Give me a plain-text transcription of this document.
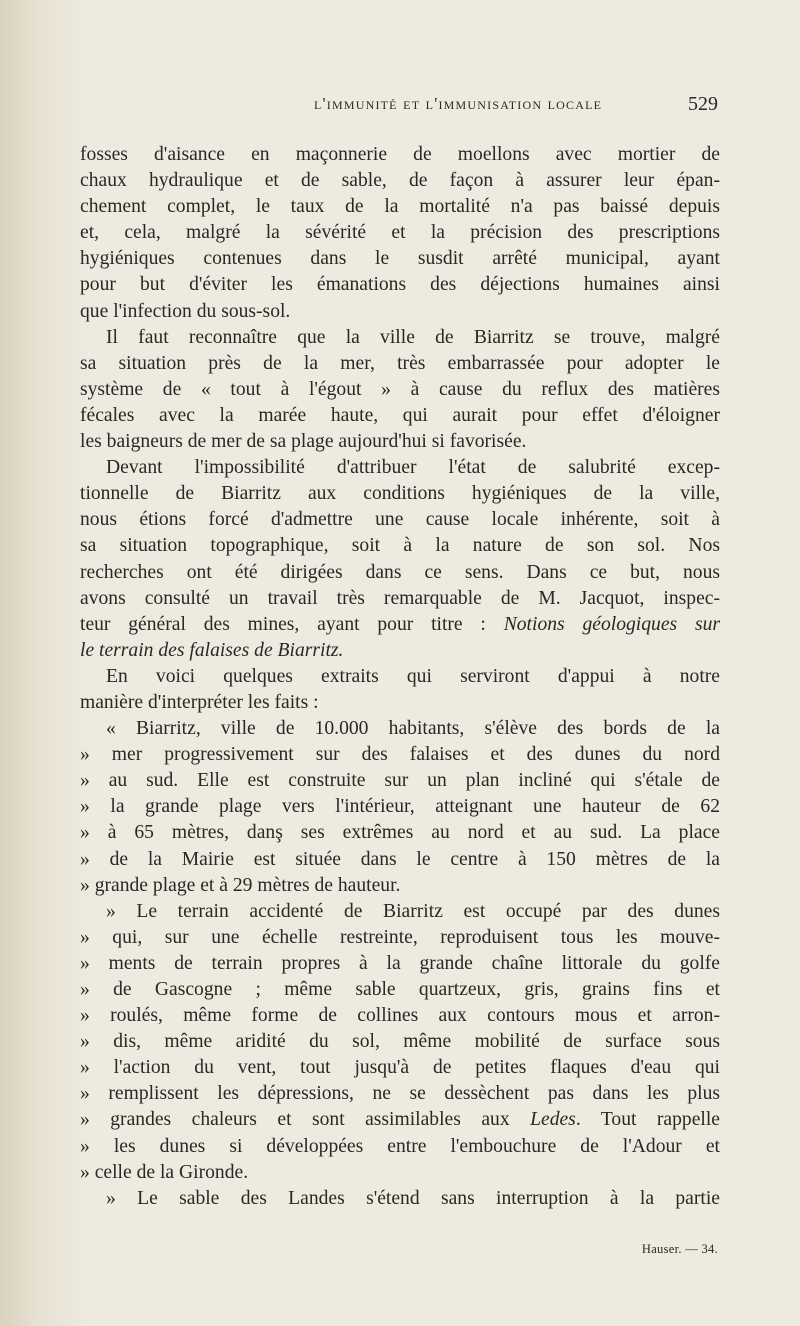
l'immunité et l'immunisation locale	529
fosses d'aisance en maçonnerie de moellons avec mortier de
chaux hydraulique et de sable, de façon à assurer leur épan-
chement complet, le taux de la mortalité n'a pas baissé depuis
et, cela, malgré la sévérité et la précision des prescriptions
hygiéniques contenues dans le susdit arrêté municipal, ayant
pour but d'éviter les émanations des déjections humaines ainsi
que l'infection du sous-sol.
Il faut reconnaître que la ville de Biarritz se trouve, malgré
sa situation près de la mer, très embarrassée pour adopter le
système de « tout à l'égout » à cause du reflux des matières
fécales avec la marée haute, qui aurait pour effet d'éloigner
les baigneurs de mer de sa plage aujourd'hui si favorisée.
Devant l'impossibilité d'attribuer l'état de salubrité excep-
tionnelle de Biarritz aux conditions hygiéniques de la ville,
nous étions forcé d'admettre une cause locale inhérente, soit à
sa situation topographique, soit à la nature de son sol. Nos
recherches ont été dirigées dans ce sens. Dans ce but, nous
avons consulté un travail très remarquable de M. Jacquot, inspec-
teur général des mines, ayant pour titre : Notions géologiques sur
le terrain des falaises de Biarritz.
En voici quelques extraits qui serviront d'appui à notre
manière d'interpréter les faits :
« Biarritz, ville de 10.000 habitants, s'élève des bords de la
» mer progressivement sur des falaises et des dunes du nord
» au sud. Elle est construite sur un plan incliné qui s'étale de
» la grande plage vers l'intérieur, atteignant une hauteur de 62
» à 65 mètres, danş ses extrêmes au nord et au sud. La place
» de la Mairie est située dans le centre à 150 mètres de la
» grande plage et à 29 mètres de hauteur.
» Le terrain accidenté de Biarritz est occupé par des dunes
» qui, sur une échelle restreinte, reproduisent tous les mouve-
» ments de terrain propres à la grande chaîne littorale du golfe
» de Gascogne ; même sable quartzeux, gris, grains fins et
» roulés, même forme de collines aux contours mous et arron-
» dis, même aridité du sol, même mobilité de surface sous
» l'action du vent, tout jusqu'à de petites flaques d'eau qui
» remplissent les dépressions, ne se dessèchent pas dans les plus
» grandes chaleurs et sont assimilables aux Ledes. Tout rappelle
» les dunes si développées entre l'embouchure de l'Adour et
» celle de la Gironde.
» Le sable des Landes s'étend sans interruption à la partie
Hauser. — 34.
